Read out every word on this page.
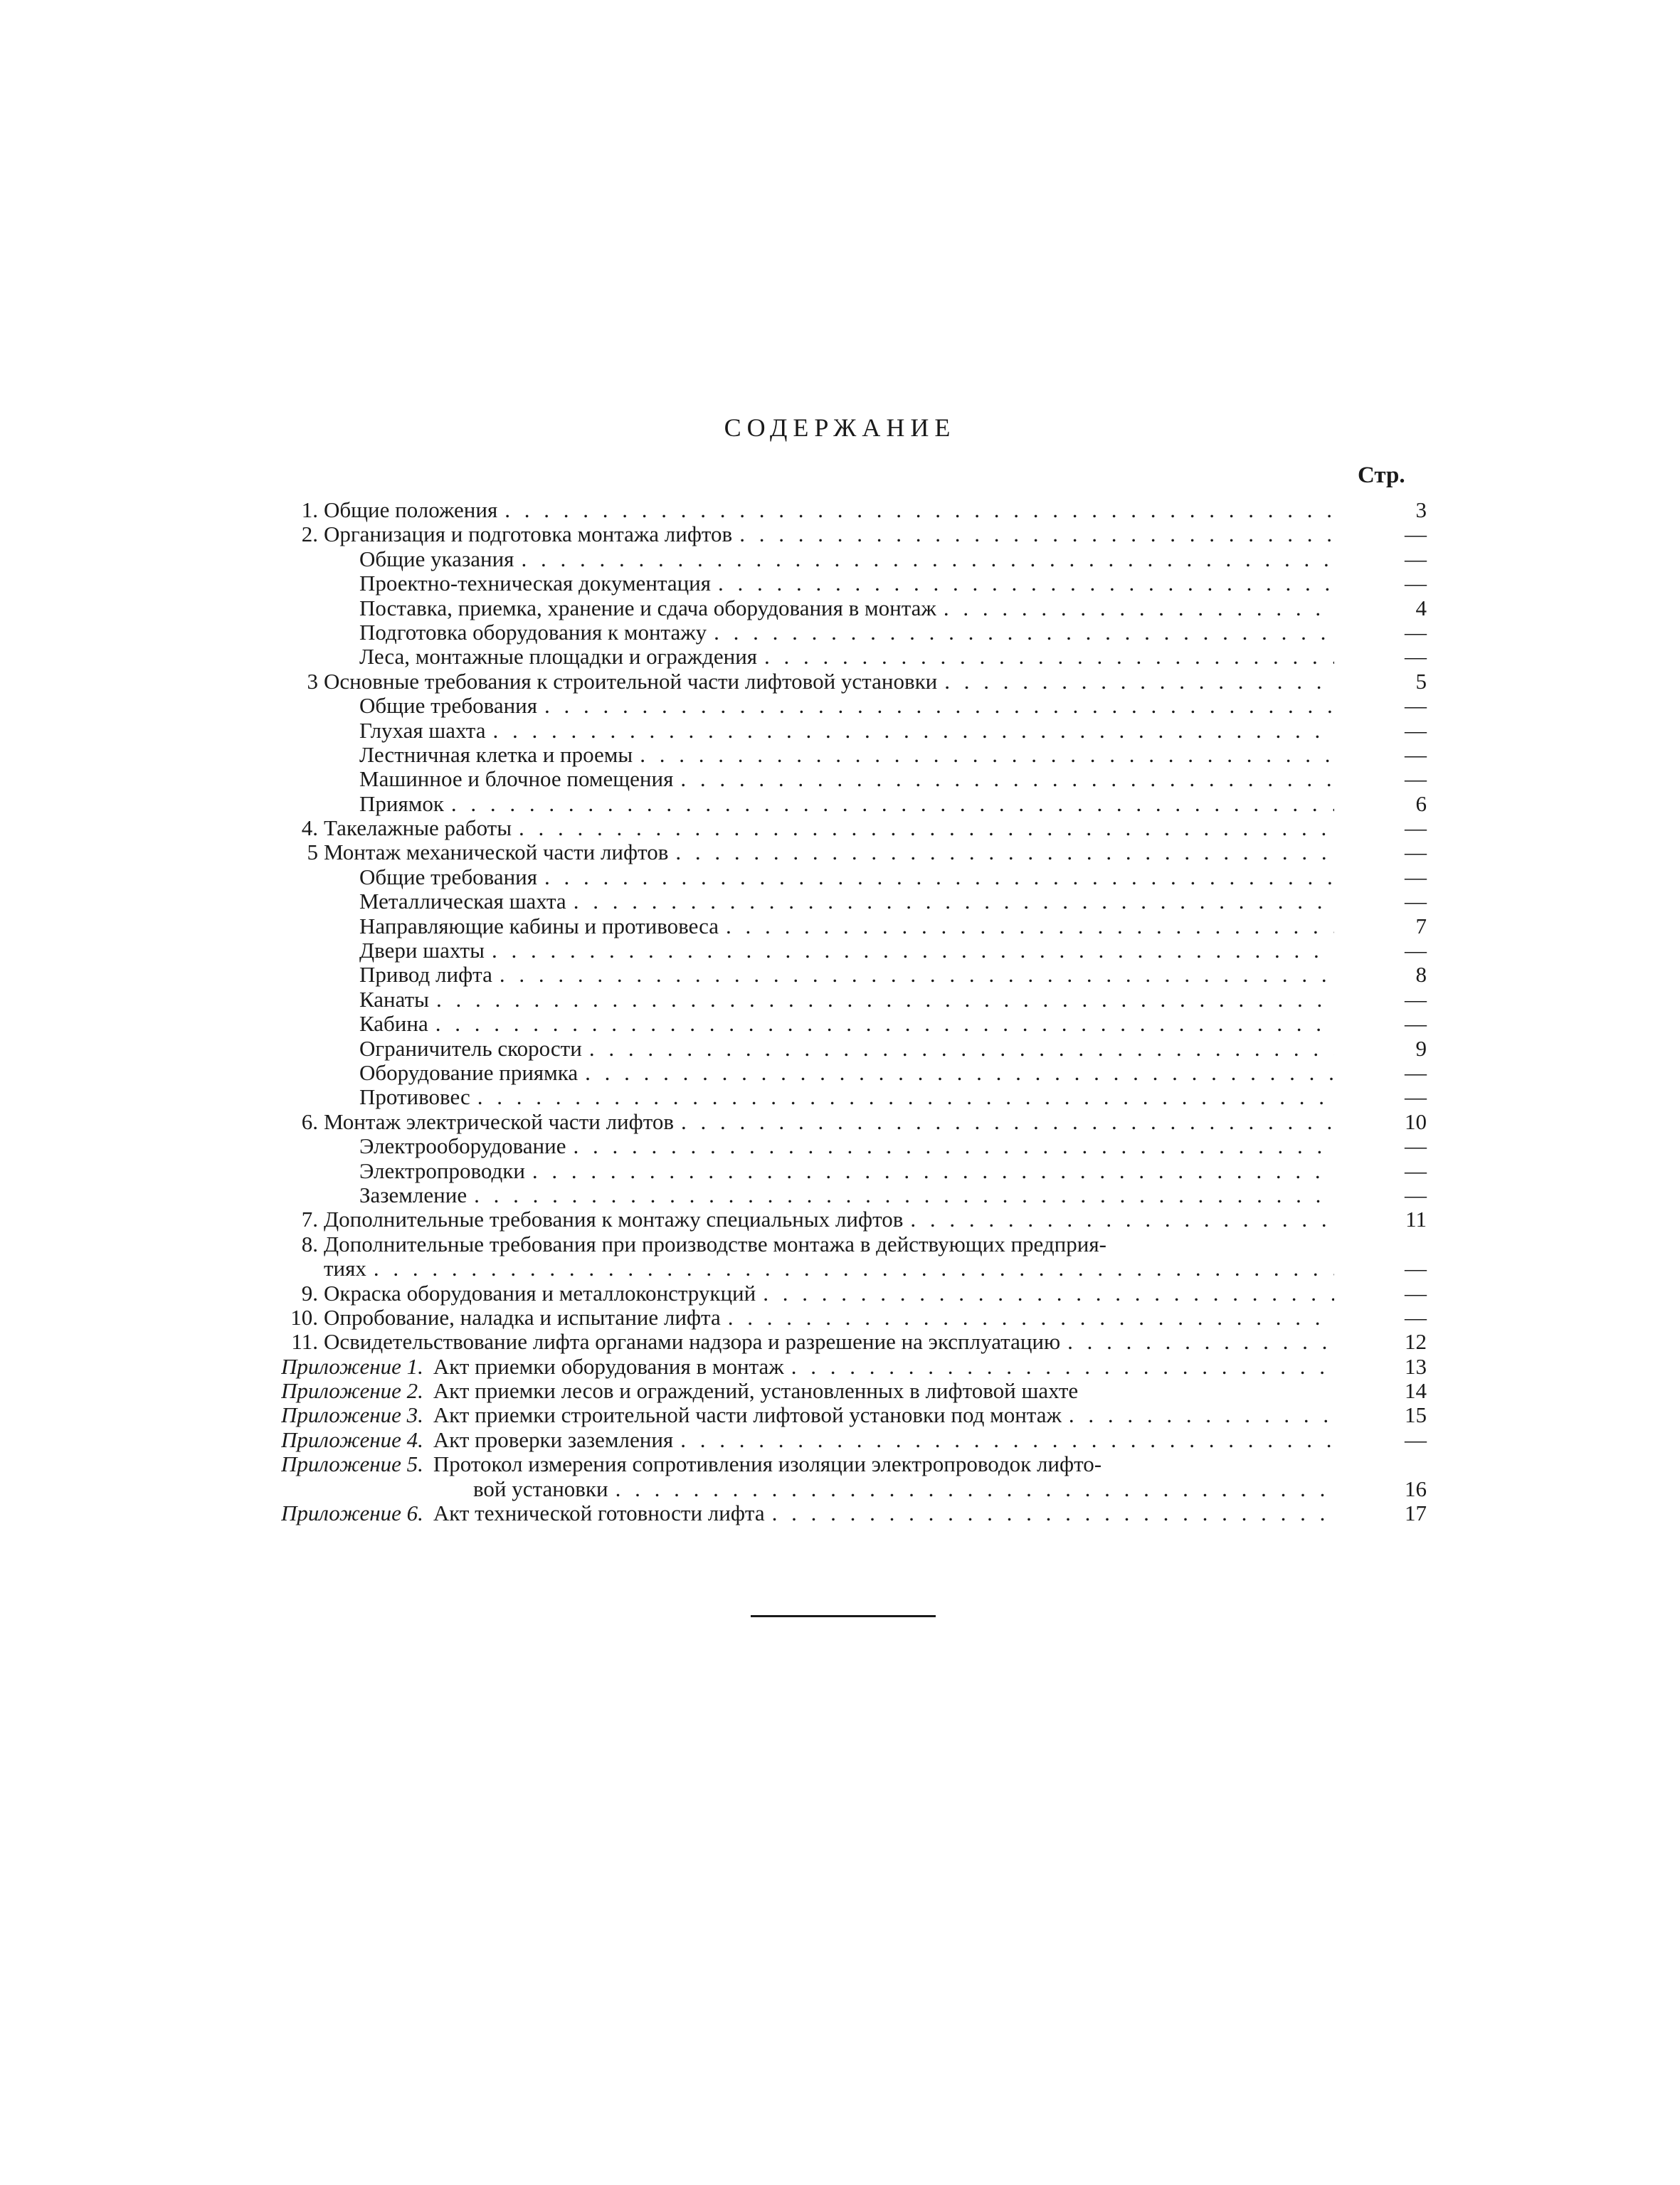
СОДЕРЖАНИЕ
Стр.
1. Общие положения . . .	3
2. Организация и подготовка монтажа лифтов . . .	—
Общие указания . . .	—
Проектно-техническая документация . . .	—
Поставка, приемка, хранение и сдача оборудования в монтаж . . .	4
Подготовка оборудования к монтажу . . .	—
Леса, монтажные площадки и ограждения . . .	—
3 Основные требования к строительной части лифтовой установки . . .	5
Общие требования . . .	—
Глухая шахта . . .	—
Лестничная клетка и проемы . . .	—
Машинное и блочное помещения . . .	—
Приямок . . .	6
4. Такелажные работы . . .	—
5 Монтаж механической части лифтов . . .	—
Общие требования . . .	—
Металлическая шахта . . .	—
Направляющие кабины и противовеса . . .	7
Двери шахты . . .	—
Привод лифта . . .	8
Канаты . . .	—
Кабина . . .	—
Ограничитель скорости . . .	9
Оборудование приямка . . .	—
Противовес . . .	—
6. Монтаж электрической части лифтов . . .	10
Электрооборудование . . .	—
Электропроводки . . .	—
Заземление . . .	—
7. Дополнительные требования к монтажу специальных лифтов . . .	11
8. Дополнительные требования при производстве монтажа в действующих предприя-
тиях . . .	—
9. Окраска оборудования и металлоконструкций . . .	—
10. Опробование, наладка и испытание лифта . . .	—
11. Освидетельствование лифта органами надзора и разрешение на эксплуатацию . . .	12
Приложение 1. Акт приемки оборудования в монтаж . . .	13
Приложение 2. Акт приемки лесов и ограждений, установленных в лифтовой шахте	14
Приложение 3. Акт приемки строительной части лифтовой установки под монтаж . . .	15
Приложение 4. Акт проверки заземления . . .	—
Приложение 5. Протокол измерения сопротивления изоляции электропроводок лифто-
вой установки . . .	16
Приложение 6. Акт технической готовности лифта . . .	17
